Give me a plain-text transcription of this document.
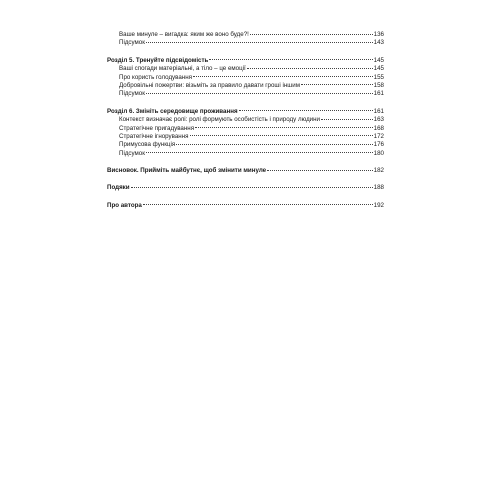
Ваше минуле – вигадка: яким же воно буде?!	136
Підсумок	143
Розділ 5. Тренуйте підсвідомість	145
Ваші спогади матеріальні, а тіло – це емоції	145
Про користь голодування	155
Добровільні пожертви: візьміть за правило давати гроші іншим	158
Підсумок	161
Розділ 6. Змініть середовище проживання	161
Контекст визначає ролі: ролі формують особистість і природу людини	163
Стратегічне пригадування	168
Стратегічне ігнорування	172
Примусова функція	176
Підсумок	180
Висновок. Прийміть майбутнє, щоб змінити минуле	182
Подяки	188
Про автора	192
